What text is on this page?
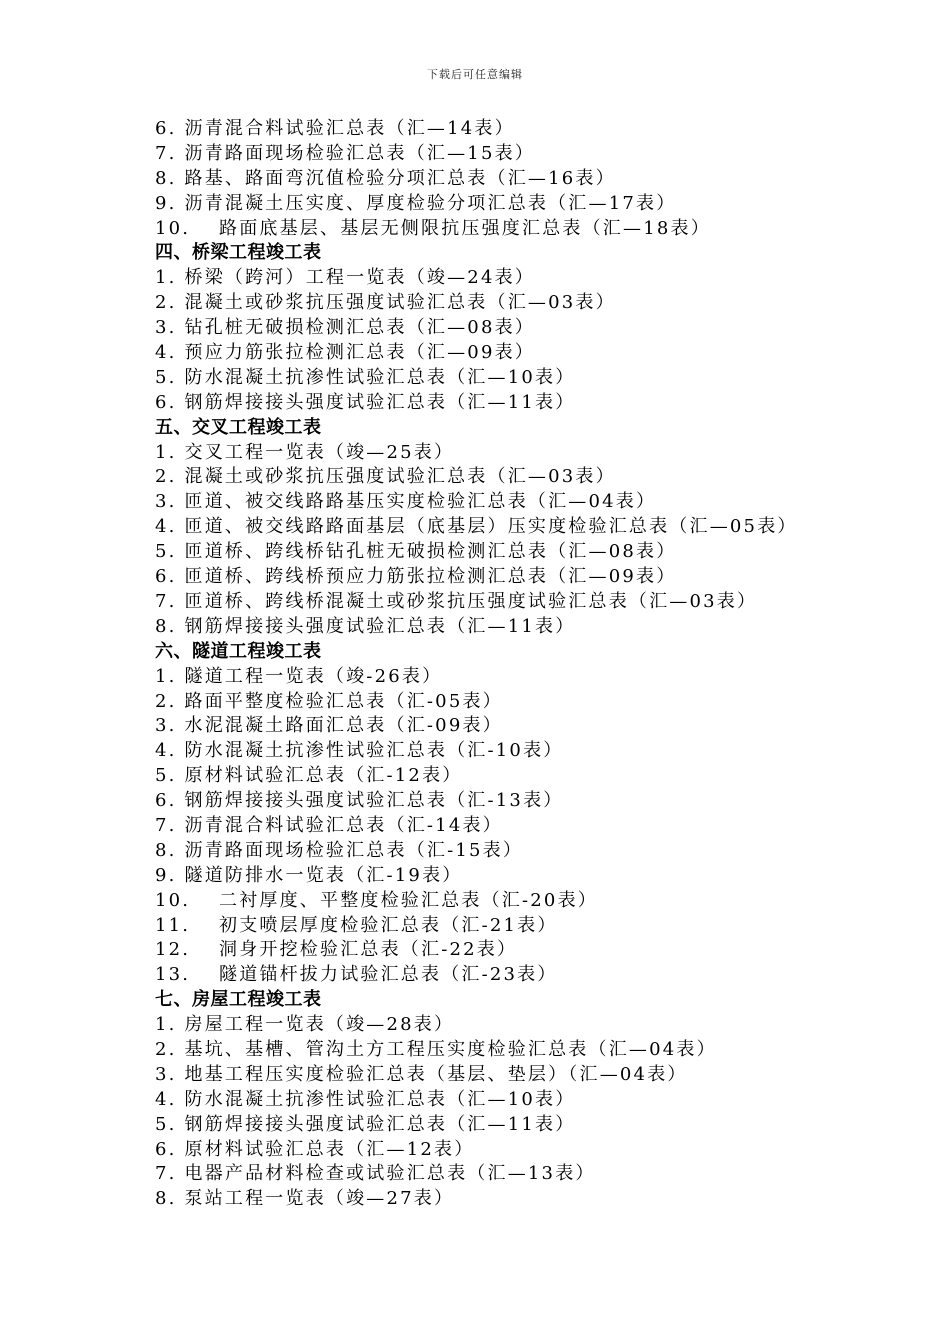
下载后可任意编辑
6. 沥青混合料试验汇总表（汇—14表）
7. 沥青路面现场检验汇总表（汇—15表）
8. 路基、路面弯沉值检验分项汇总表（汇—16表）
9. 沥青混凝土压实度、厚度检验分项汇总表（汇—17表）
10. 路面底基层、基层无侧限抗压强度汇总表（汇—18表）
四、桥梁工程竣工表
1. 桥梁（跨河）工程一览表（竣—24表）
2. 混凝土或砂浆抗压强度试验汇总表（汇—03表）
3. 钻孔桩无破损检测汇总表（汇—08表）
4. 预应力筋张拉检测汇总表（汇—09表）
5. 防水混凝土抗渗性试验汇总表（汇—10表）
6. 钢筋焊接接头强度试验汇总表（汇—11表）
五、交叉工程竣工表
1. 交叉工程一览表（竣—25表）
2. 混凝土或砂浆抗压强度试验汇总表（汇—03表）
3. 匝道、被交线路路基压实度检验汇总表（汇—04表）
4. 匝道、被交线路路面基层（底基层）压实度检验汇总表（汇—05表）
5. 匝道桥、跨线桥钻孔桩无破损检测汇总表（汇—08表）
6. 匝道桥、跨线桥预应力筋张拉检测汇总表（汇—09表）
7. 匝道桥、跨线桥混凝土或砂浆抗压强度试验汇总表（汇—03表）
8. 钢筋焊接接头强度试验汇总表（汇—11表）
六、隧道工程竣工表
1. 隧道工程一览表（竣-26表）
2. 路面平整度检验汇总表（汇-05表）
3. 水泥混凝土路面汇总表（汇-09表）
4. 防水混凝土抗渗性试验汇总表（汇-10表）
5. 原材料试验汇总表（汇-12表）
6. 钢筋焊接接头强度试验汇总表（汇-13表）
7. 沥青混合料试验汇总表（汇-14表）
8. 沥青路面现场检验汇总表（汇-15表）
9. 隧道防排水一览表（汇-19表）
10. 二衬厚度、平整度检验汇总表（汇-20表）
11. 初支喷层厚度检验汇总表（汇-21表）
12. 洞身开挖检验汇总表（汇-22表）
13. 隧道锚杆拔力试验汇总表（汇-23表）
七、房屋工程竣工表
1. 房屋工程一览表（竣—28表）
2. 基坑、基槽、管沟土方工程压实度检验汇总表（汇—04表）
3. 地基工程压实度检验汇总表（基层、垫层）（汇—04表）
4. 防水混凝土抗渗性试验汇总表（汇—10表）
5. 钢筋焊接接头强度试验汇总表（汇—11表）
6. 原材料试验汇总表（汇—12表）
7. 电器产品材料检查或试验汇总表（汇—13表）
8. 泵站工程一览表（竣—27表）
